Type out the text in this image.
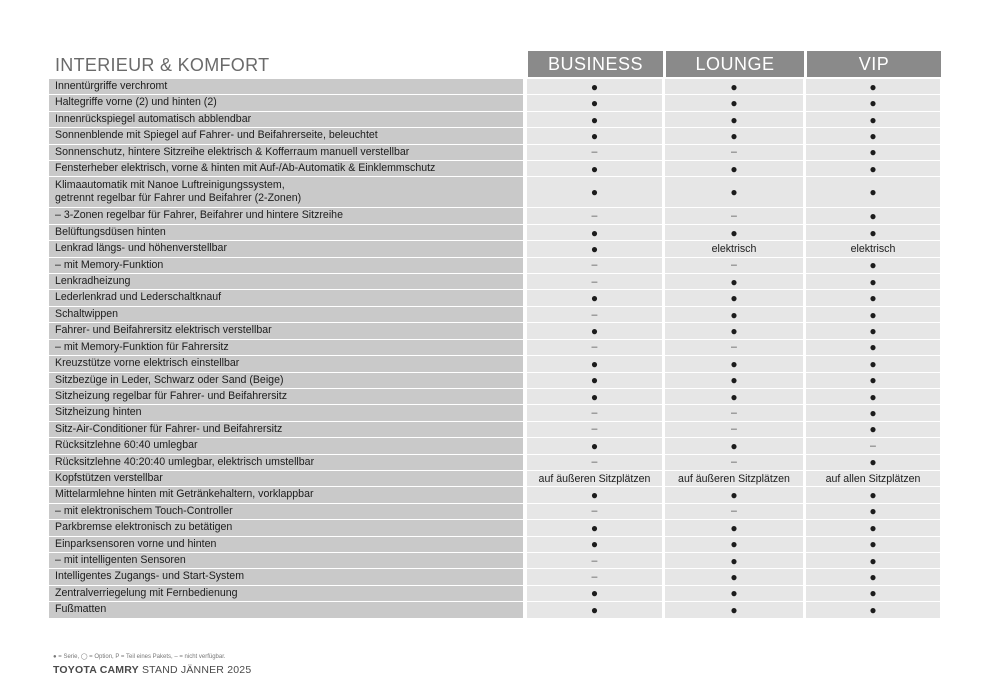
INTERIEUR & KOMFORT	BUSINESS	LOUNGE	VIP
Innentürgriffe verchromt	●	●	●
Haltegriffe vorne (2) und hinten (2)	●	●	●
Innenrückspiegel automatisch abblendbar	●	●	●
Sonnenblende mit Spiegel auf Fahrer- und Beifahrerseite, beleuchtet	●	●	●
Sonnenschutz, hintere Sitzreihe elektrisch & Kofferraum manuell verstellbar	–	–	●
Fensterheber elektrisch, vorne & hinten mit Auf-/Ab-Automatik & Einklemmschutz	●	●	●
Klimaautomatik mit Nanoe Luftreinigungssystem,
getrennt regelbar für Fahrer und Beifahrer (2-Zonen)	●	●	●
– 3-Zonen regelbar für Fahrer, Beifahrer und hintere Sitzreihe	–	–	●
Belüftungsdüsen hinten	●	●	●
Lenkrad längs- und höhenverstellbar	●	elektrisch	elektrisch
– mit Memory-Funktion	–	–	●
Lenkradheizung	–	●	●
Lederlenkrad und Lederschaltknauf	●	●	●
Schaltwippen	–	●	●
Fahrer- und Beifahrersitz elektrisch verstellbar	●	●	●
– mit Memory-Funktion für Fahrersitz	–	–	●
Kreuzstütze vorne elektrisch einstellbar	●	●	●
Sitzbezüge in Leder, Schwarz oder Sand (Beige)	●	●	●
Sitzheizung regelbar für Fahrer- und Beifahrersitz	●	●	●
Sitzheizung hinten	–	–	●
Sitz-Air-Conditioner für Fahrer- und Beifahrersitz	–	–	●
Rücksitzlehne 60:40 umlegbar	●	●	–
Rücksitzlehne 40:20:40 umlegbar, elektrisch umstellbar	–	–	●
Kopfstützen verstellbar	auf äußeren Sitzplätzen	auf äußeren Sitzplätzen	auf allen Sitzplätzen
Mittelarmlehne hinten mit Getränkehaltern, vorklappbar	●	●	●
– mit elektronischem Touch-Controller	–	–	●
Parkbremse elektronisch zu betätigen	●	●	●
Einparksensoren vorne und hinten	●	●	●
– mit intelligenten Sensoren	–	●	●
Intelligentes Zugangs- und Start-System	–	●	●
Zentralverriegelung mit Fernbedienung	●	●	●
Fußmatten	●	●	●
● = Serie, ◯ = Option, P = Teil eines Pakets, – = nicht verfügbar.
TOYOTA CAMRY STAND JÄNNER 2025
